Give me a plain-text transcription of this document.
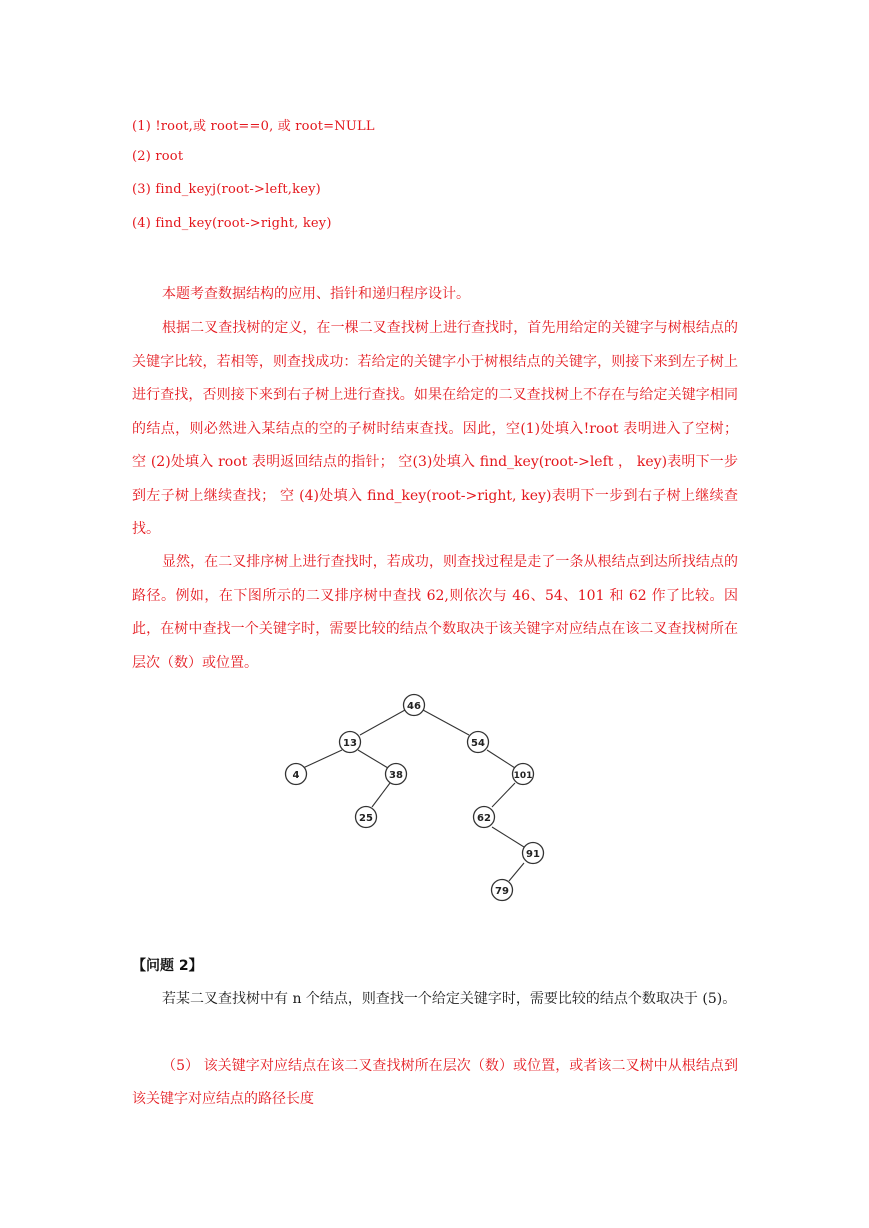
(1) !root,或 root==0, 或 root=NULL
(2) root
(3) find_keyj(root->left,key)
(4) find_key(root->right, key)
本题考查数据结构的应用、指针和递归程序设计。
根据二叉查找树的定义，在一棵二叉查找树上进行查找时，首先用给定的关键字与树根结点的关键字比较，若相等，则查找成功：若给定的关键字小于树根结点的关键字，则接下来到左子树上进行查找，否则接下来到右子树上进行查找。如果在给定的二叉查找树上不存在与给定关键字相同的结点，则必然进入某结点的空的子树时结束查找。因此，空(1)处填入!root 表明进入了空树； 空 (2)处填入 root 表明返回结点的指针； 空(3)处填入 find_key(root->left ， key)表明下一步到左子树上继续查找； 空 (4)处填入 find_key(root->right, key)表明下一步到右子树上继续查找。
显然，在二叉排序树上进行查找时，若成功，则查找过程是走了一条从根结点到达所找结点的路径。例如，在下图所示的二叉排序树中查找 62,则依次与 46、54、101 和 62 作了比较。因此，在树中查找一个关键字时，需要比较的结点个数取决于该关键字对应结点在该二叉查找树所在层次（数）或位置。
46
13	54
4	38	101
25	62
91
79
【问题 2】
若某二叉查找树中有 n 个结点，则查找一个给定关键字时，需要比较的结点个数取决于 (5)。
（5） 该关键字对应结点在该二叉查找树所在层次（数）或位置，或者该二叉树中从根结点到该关键字对应结点的路径长度
